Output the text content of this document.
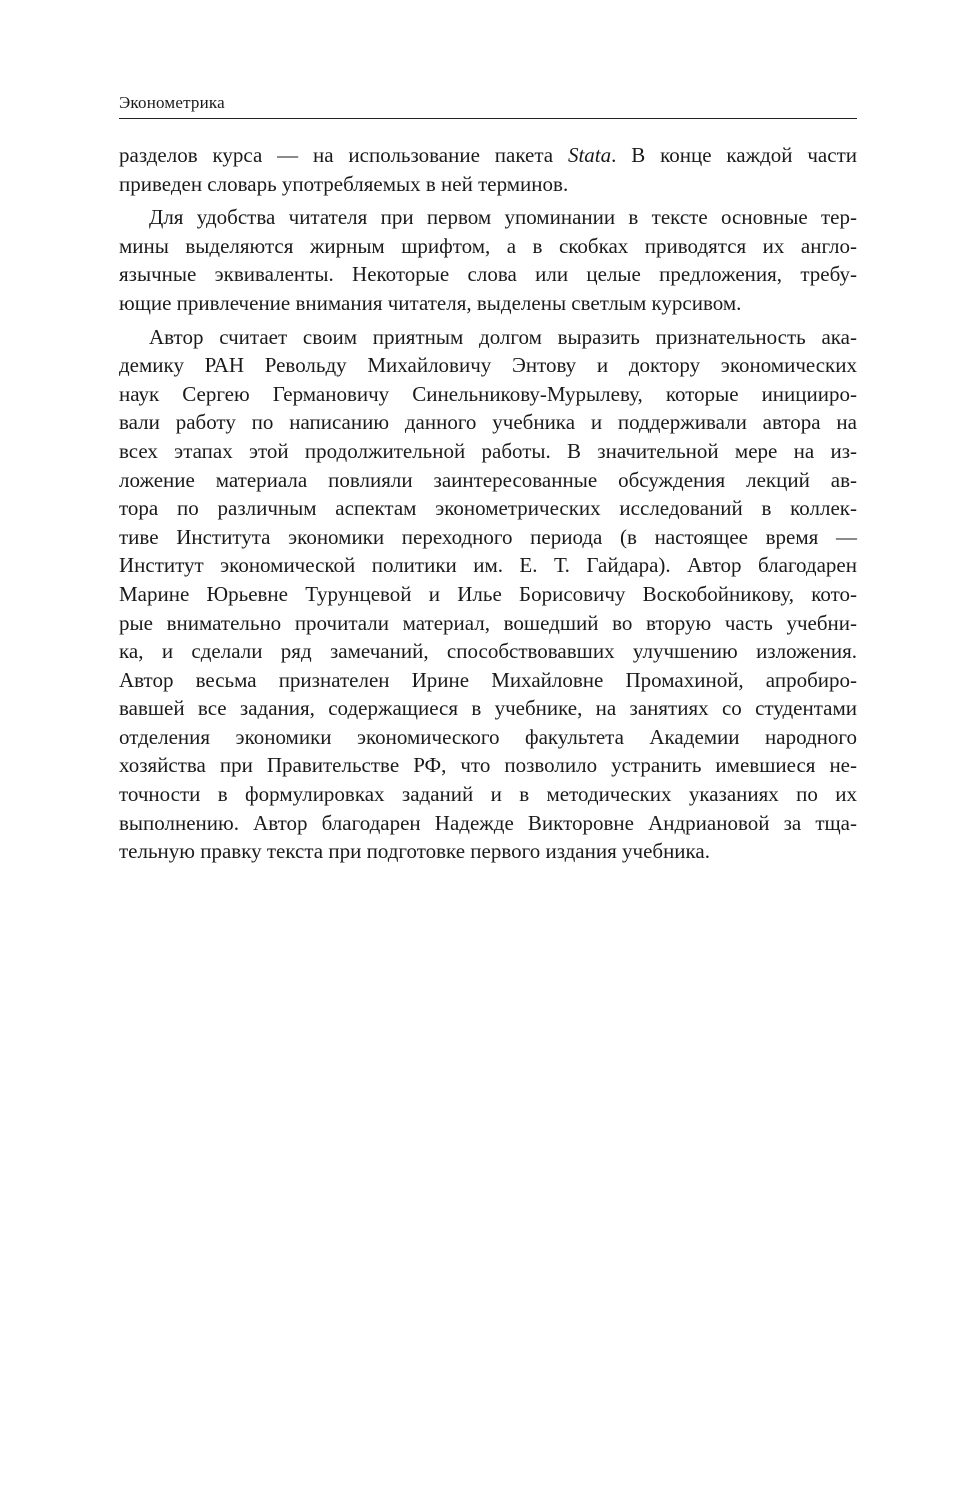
Эконометрика

разделов курса — на использование пакета Stata. В конце каждой части
приведен словарь употребляемых в ней терминов.

Для удобства читателя при первом упоминании в тексте основные тер-
мины выделяются жирным шрифтом, а в скобках приводятся их англо-
язычные эквиваленты. Некоторые слова или целые предложения, требу-
ющие привлечение внимания читателя, выделены светлым курсивом.

Автор считает своим приятным долгом выразить признательность ака-
демику РАН Револьду Михайловичу Энтову и доктору экономических
наук Сергею Германовичу Синельникову-Мурылеву, которые иницииро-
вали работу по написанию данного учебника и поддерживали автора на
всех этапах этой продолжительной работы. В значительной мере на из-
ложение материала повлияли заинтересованные обсуждения лекций ав-
тора по различным аспектам эконометрических исследований в коллек-
тиве Института экономики переходного периода (в настоящее время —
Институт экономической политики им. Е. Т. Гайдара). Автор благодарен
Марине Юрьевне Турунцевой и Илье Борисовичу Воскобойникову, кото-
рые внимательно прочитали материал, вошедший во вторую часть учебни-
ка, и сделали ряд замечаний, способствовавших улучшению изложения.
Автор весьма признателен Ирине Михайловне Промахиной, апробиро-
вавшей все задания, содержащиеся в учебнике, на занятиях со студентами
отделения экономики экономического факультета Академии народного
хозяйства при Правительстве РФ, что позволило устранить имевшиеся не-
точности в формулировках заданий и в методических указаниях по их
выполнению. Автор благодарен Надежде Викторовне Андриановой за тща-
тельную правку текста при подготовке первого издания учебника.
